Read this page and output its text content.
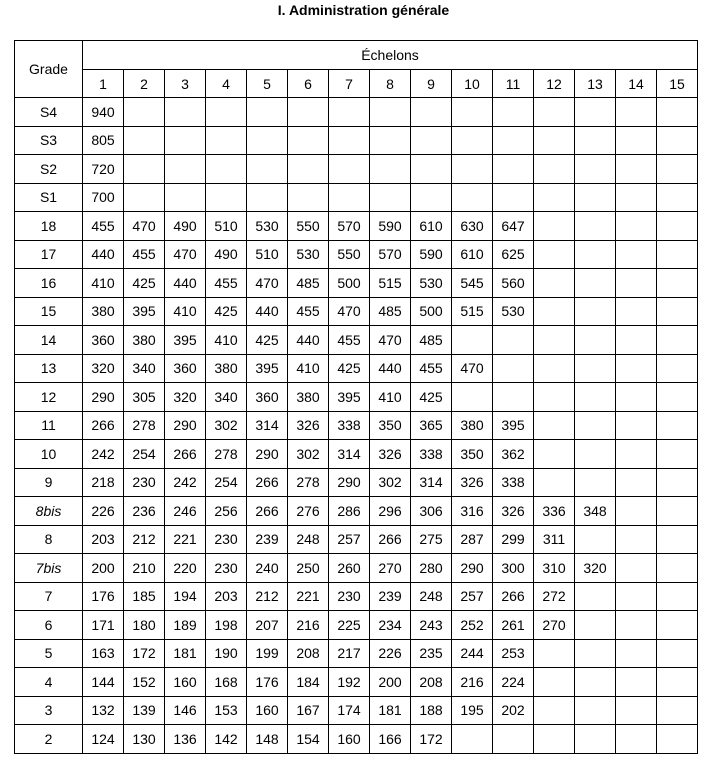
I. Administration générale
Grade	Échelons														
	1	2	3	4	5	6	7	8	9	10	11	12	13	14	15
S4	940														
S3	805														
S2	720														
S1	700														
18	455	470	490	510	530	550	570	590	610	630	647				
17	440	455	470	490	510	530	550	570	590	610	625				
16	410	425	440	455	470	485	500	515	530	545	560				
15	380	395	410	425	440	455	470	485	500	515	530				
14	360	380	395	410	425	440	455	470	485						
13	320	340	360	380	395	410	425	440	455	470					
12	290	305	320	340	360	380	395	410	425						
11	266	278	290	302	314	326	338	350	365	380	395				
10	242	254	266	278	290	302	314	326	338	350	362				
9	218	230	242	254	266	278	290	302	314	326	338				
8bis	226	236	246	256	266	276	286	296	306	316	326	336	348		
8	203	212	221	230	239	248	257	266	275	287	299	311			
7bis	200	210	220	230	240	250	260	270	280	290	300	310	320		
7	176	185	194	203	212	221	230	239	248	257	266	272			
6	171	180	189	198	207	216	225	234	243	252	261	270			
5	163	172	181	190	199	208	217	226	235	244	253				
4	144	152	160	168	176	184	192	200	208	216	224				
3	132	139	146	153	160	167	174	181	188	195	202				
2	124	130	136	142	148	154	160	166	172						
